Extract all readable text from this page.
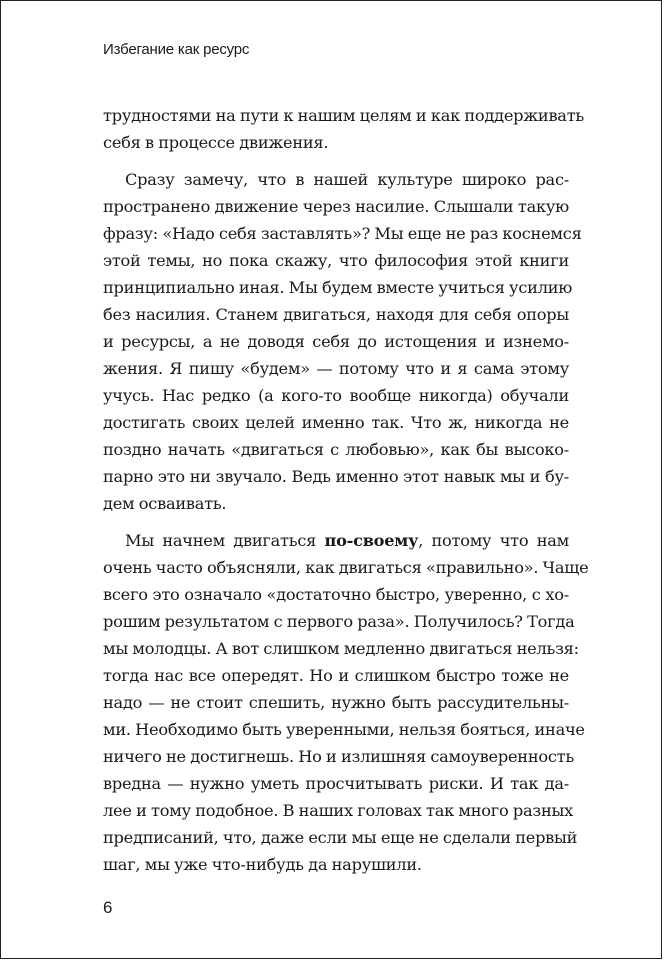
Избегание как ресурс
трудностями на пути к нашим целям и как поддерживать
себя в процессе движения.
Сразу замечу, что в нашей культуре широко рас-
пространено движение через насилие. Слышали такую
фразу: «Надо себя заставлять»? Мы еще не раз коснемся
этой темы, но пока скажу, что философия этой книги
принципиально иная. Мы будем вместе учиться усилию
без насилия. Станем двигаться, находя для себя опоры
и ресурсы, а не доводя себя до истощения и изнемо-
жения. Я пишу «будем» — потому что и я сама этому
учусь. Нас редко (а кого-то вообще никогда) обучали
достигать своих целей именно так. Что ж, никогда не
поздно начать «двигаться с любовью», как бы высоко-
парно это ни звучало. Ведь именно этот навык мы и бу-
дем осваивать.
Мы начнем двигаться по-своему, потому что нам
очень часто объясняли, как двигаться «правильно». Чаще
всего это означало «достаточно быстро, уверенно, с хо-
рошим результатом с первого раза». Получилось? Тогда
мы молодцы. А вот слишком медленно двигаться нельзя:
тогда нас все опередят. Но и слишком быстро тоже не
надо — не стоит спешить, нужно быть рассудительны-
ми. Необходимо быть уверенными, нельзя бояться, иначе
ничего не достигнешь. Но и излишняя самоуверенность
вредна — нужно уметь просчитывать риски. И так да-
лее и тому подобное. В наших головах так много разных
предписаний, что, даже если мы еще не сделали первый
шаг, мы уже что-нибудь да нарушили.
6
